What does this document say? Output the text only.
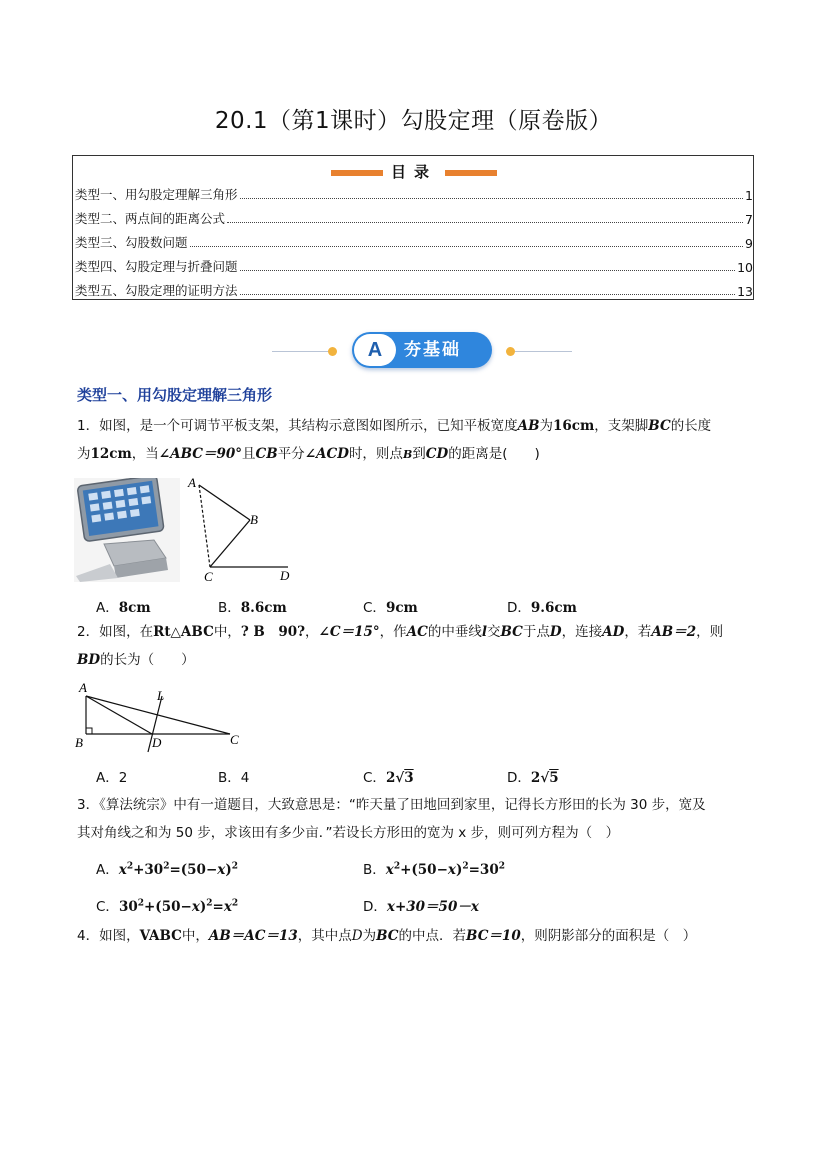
20.1（第1课时）勾股定理（原卷版）
目录
类型一、用勾股定理解三角形	1
类型二、两点间的距离公式	7
类型三、勾股数问题	9
类型四、勾股定理与折叠问题	10
类型五、勾股定理的证明方法	13
A	夯基础
类型一、用勾股定理解三角形
1．如图，是一个可调节平板支架，其结构示意图如图所示，已知平板宽度AB为16cm，支架脚BC的长度
为12cm，当∠ABC＝90°且CB平分∠ACD时，则点B到CD的距离是(　　)
A
B
C	D
A．8cm	B．8.6cm	C．9cm	D．9.6cm
2．如图，在Rt△ABC中，? B　90?，∠C＝15°，作AC的中垂线l交BC于点D，连接AD，若AB＝2，则
BD的长为（　　）
A
B	C
D
L
A．2	B．4	C．2√3	D．2√5
3．《算法统宗》中有一道题目，大致意思是：“昨天量了田地回到家里，记得长方形田的长为 30 步，宽及
其对角线之和为 50 步，求该田有多少亩．”若设长方形田的宽为 x 步，则可列方程为（　）
A．$x^2+30^2=(50-x)^2$	B．$x^2+(50-x)^2=30^2$
C．$30^2+(50-x)^2=x^2$	D．x+30＝50－x
4．如图，VABC中，AB＝AC＝13，其中点D为BC的中点．若BC＝10，则阴影部分的面积是（　）
